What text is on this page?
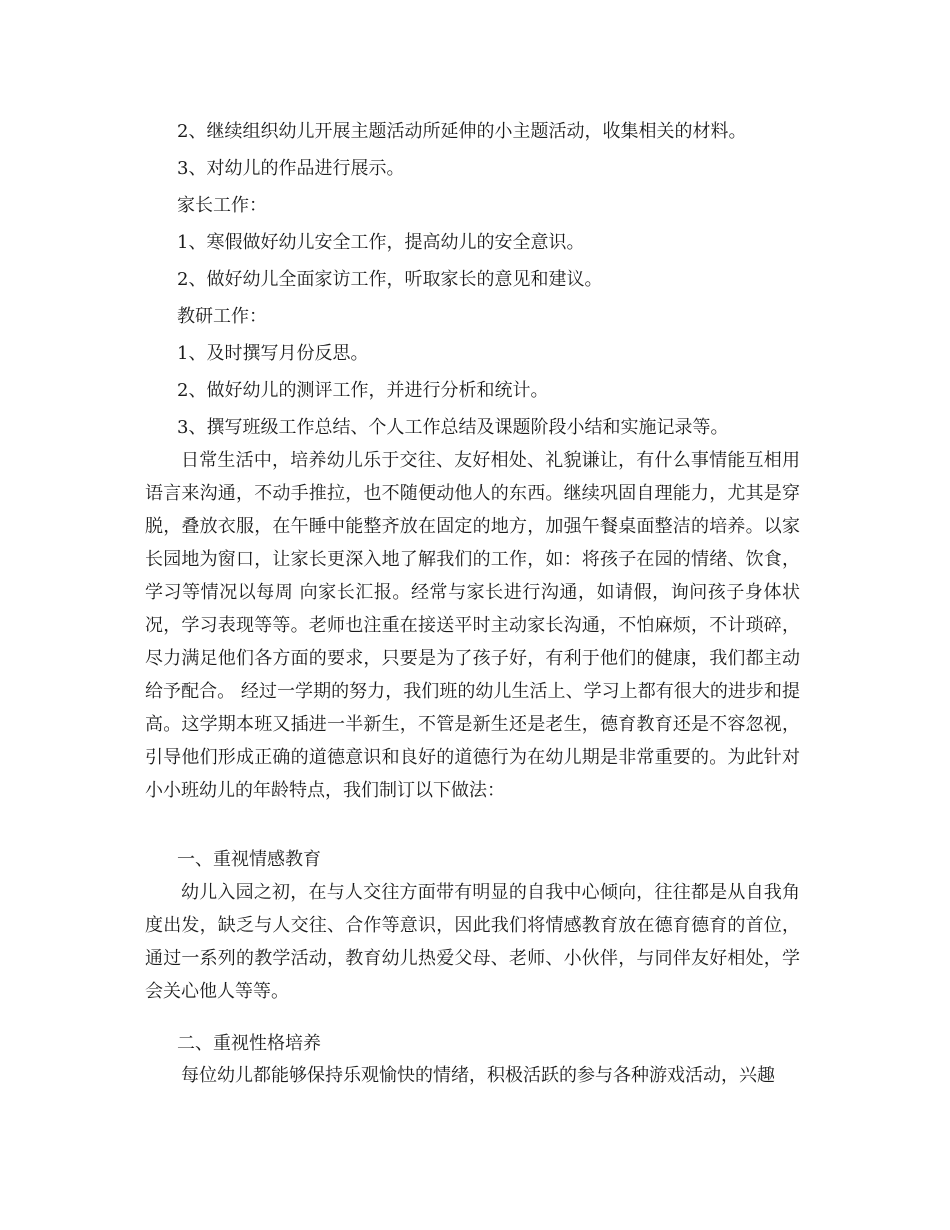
2、继续组织幼儿开展主题活动所延伸的小主题活动，收集相关的材料。
3、对幼儿的作品进行展示。
家长工作：
1、寒假做好幼儿安全工作，提高幼儿的安全意识。
2、做好幼儿全面家访工作，听取家长的意见和建议。
教研工作：
1、及时撰写月份反思。
2、做好幼儿的测评工作，并进行分析和统计。
3、撰写班级工作总结、个人工作总结及课题阶段小结和实施记录等。

日常生活中，培养幼儿乐于交往、友好相处、礼貌谦让，有什么事情能互相用语言来沟通，不动手推拉，也不随便动他人的东西。继续巩固自理能力，尤其是穿脱，叠放衣服，在午睡中能整齐放在固定的地方，加强午餐桌面整洁的培养。以家长园地为窗口，让家长更深入地了解我们的工作，如：将孩子在园的情绪、饮食，学习等情况以每周 向家长汇报。经常与家长进行沟通，如请假，询问孩子身体状况，学习表现等等。老师也注重在接送平时主动家长沟通，不怕麻烦，不计琐碎，尽力满足他们各方面的要求，只要是为了孩子好，有利于他们的健康，我们都主动给予配合。 经过一学期的努力，我们班的幼儿生活上、学习上都有很大的进步和提高。这学期本班又插进一半新生，不管是新生还是老生，德育教育还是不容忽视，引导他们形成正确的道德意识和良好的道德行为在幼儿期是非常重要的。为此针对小小班幼儿的年龄特点，我们制订以下做法：

一、重视情感教育

幼儿入园之初，在与人交往方面带有明显的自我中心倾向，往往都是从自我角度出发，缺乏与人交往、合作等意识，因此我们将情感教育放在德育德育的首位，通过一系列的教学活动，教育幼儿热爱父母、老师、小伙伴，与同伴友好相处，学会关心他人等等。

二、重视性格培养

每位幼儿都能够保持乐观愉快的情绪，积极活跃的参与各种游戏活动，兴趣
